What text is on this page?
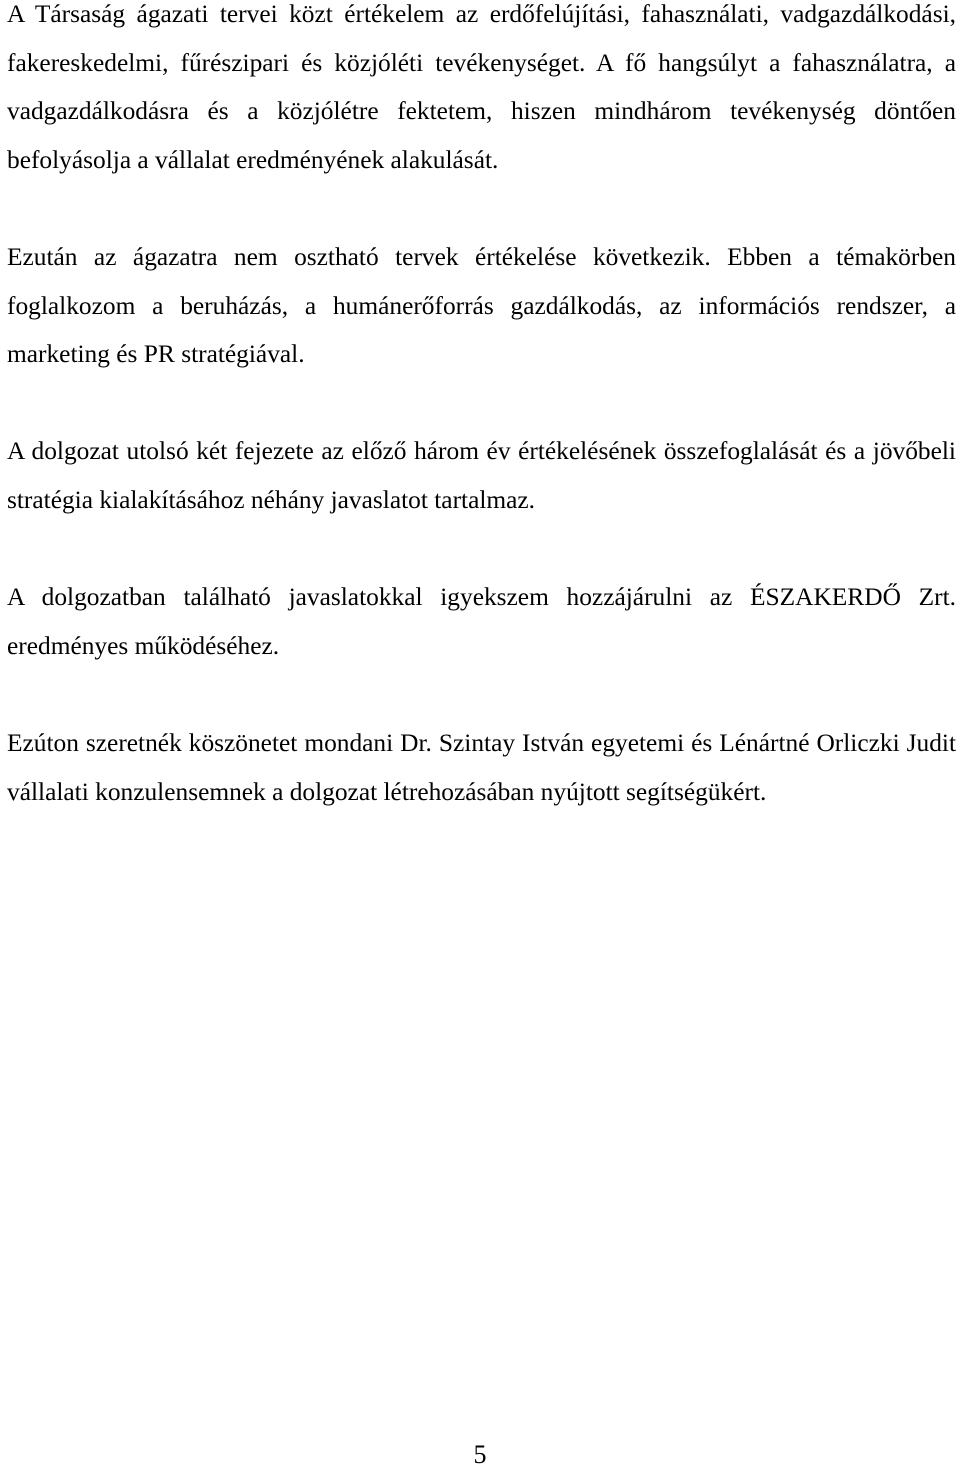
A Társaság ágazati tervei közt értékelem az erdőfelújítási, fahasználati, vadgazdálkodási, fakereskedelmi, fűrészipari és közjóléti tevékenységet. A fő hangsúlyt a fahasználatra, a vadgazdálkodásra és a közjólétre fektetem, hiszen mindhárom tevékenység döntően befolyásolja a vállalat eredményének alakulását.

Ezután az ágazatra nem osztható tervek értékelése következik. Ebben a témakörben foglalkozom a beruházás, a humánerőforrás gazdálkodás, az információs rendszer, a marketing és PR stratégiával.

A dolgozat utolsó két fejezete az előző három év értékelésének összefoglalását és a jövőbeli stratégia kialakításához néhány javaslatot tartalmaz.

A dolgozatban található javaslatokkal igyekszem hozzájárulni az ÉSZAKERDŐ Zrt. eredményes működéséhez.

Ezúton szeretnék köszönetet mondani Dr. Szintay István egyetemi és Lénártné Orliczki Judit vállalati konzulensemnek a dolgozat létrehozásában nyújtott segítségükért.

5
